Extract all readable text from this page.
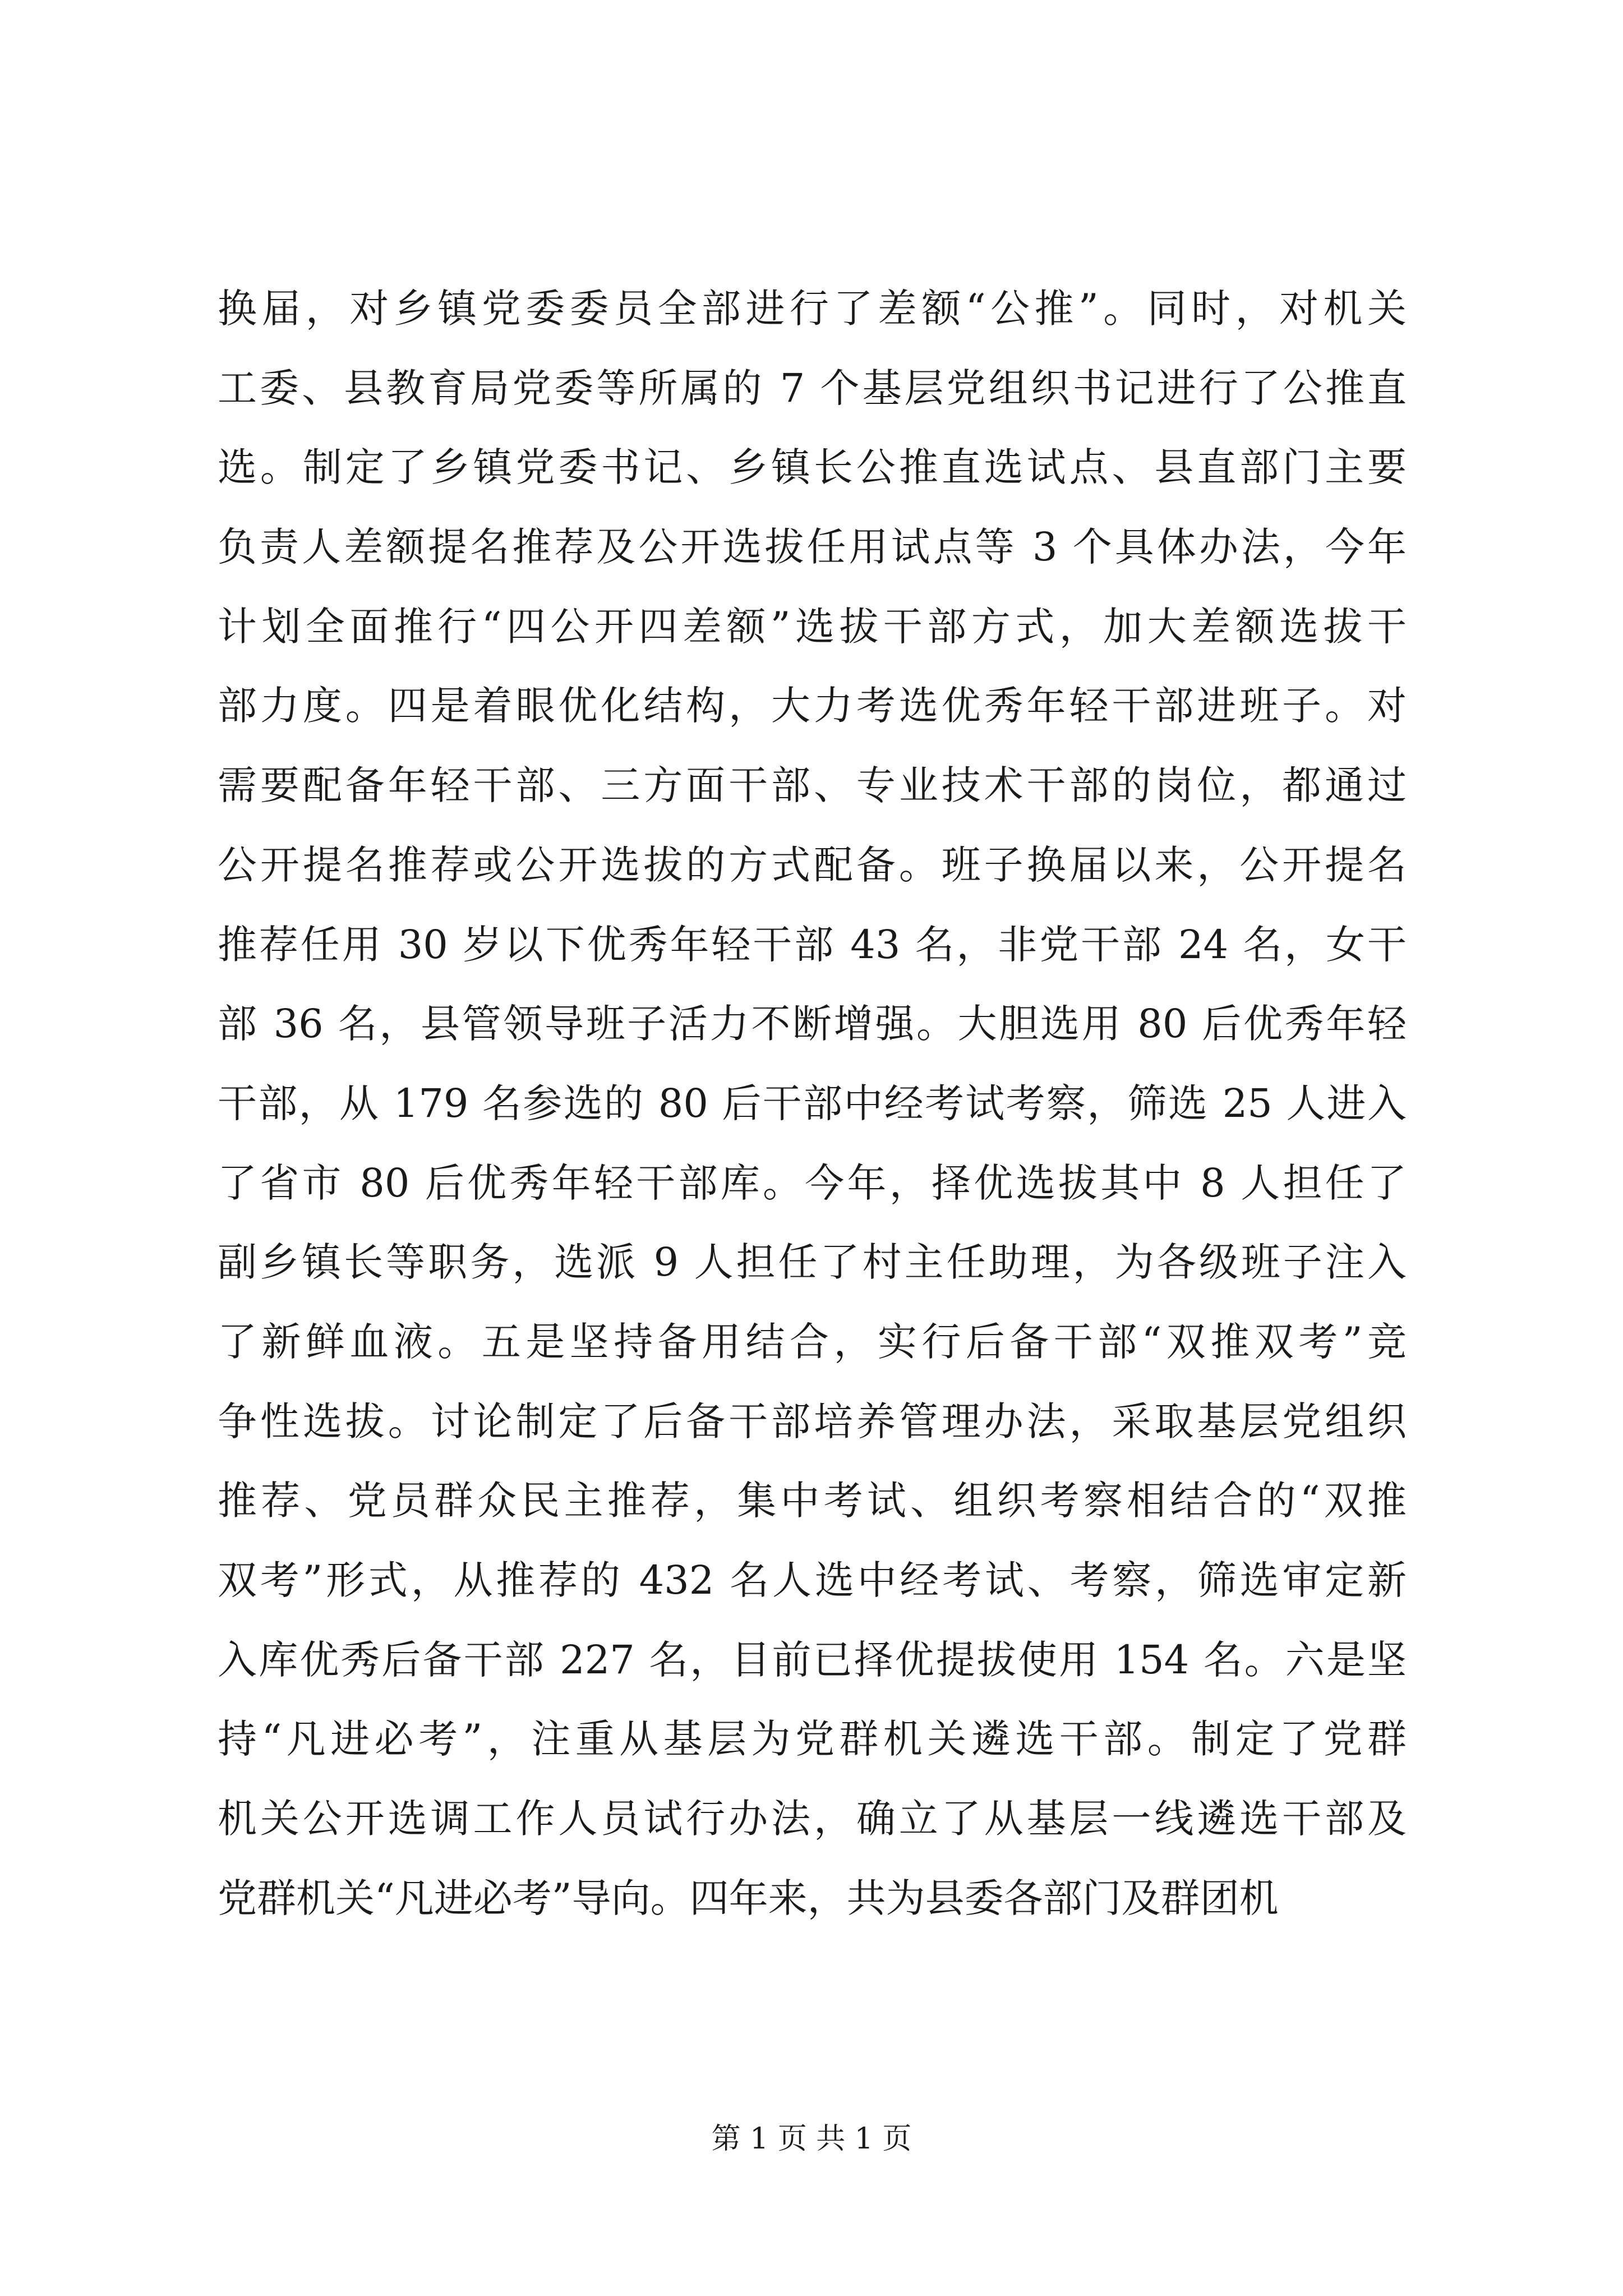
换届，对乡镇党委委员全部进行了差额“公推”。同时，对机关
工委、县教育局党委等所属的 7 个基层党组织书记进行了公推直
选。制定了乡镇党委书记、乡镇长公推直选试点、县直部门主要
负责人差额提名推荐及公开选拔任用试点等 3 个具体办法，今年
计划全面推行“四公开四差额”选拔干部方式，加大差额选拔干
部力度。四是着眼优化结构，大力考选优秀年轻干部进班子。对
需要配备年轻干部、三方面干部、专业技术干部的岗位，都通过
公开提名推荐或公开选拔的方式配备。班子换届以来，公开提名
推荐任用 30 岁以下优秀年轻干部 43 名，非党干部 24 名，女干
部 36 名，县管领导班子活力不断增强。大胆选用 80 后优秀年轻
干部，从 179 名参选的 80 后干部中经考试考察，筛选 25 人进入
了省市 80 后优秀年轻干部库。今年，择优选拔其中 8 人担任了
副乡镇长等职务，选派 9 人担任了村主任助理，为各级班子注入
了新鲜血液。五是坚持备用结合，实行后备干部“双推双考”竞
争性选拔。讨论制定了后备干部培养管理办法，采取基层党组织
推荐、党员群众民主推荐，集中考试、组织考察相结合的“双推
双考”形式，从推荐的 432 名人选中经考试、考察，筛选审定新
入库优秀后备干部 227 名，目前已择优提拔使用 154 名。六是坚
持“凡进必考”，注重从基层为党群机关遴选干部。制定了党群
机关公开选调工作人员试行办法，确立了从基层一线遴选干部及
党群机关“凡进必考”导向。四年来，共为县委各部门及群团机
第 1 页 共 1 页
